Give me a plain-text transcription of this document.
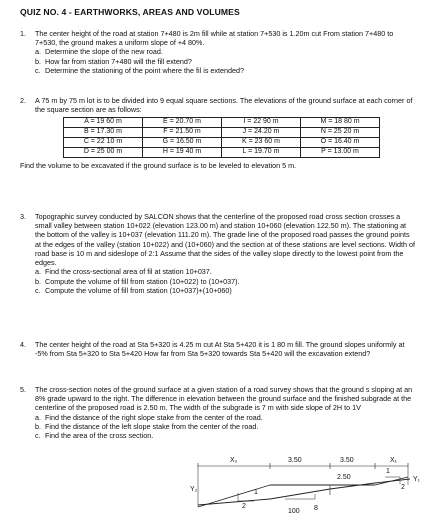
QUIZ NO. 4 - EARTHWORKS, AREAS AND VOLUMES
1.	The center height of the road at station 7+480 is 2m fill while at station 7+530 is 1.20m cut From station 7+480 to 7+530, the ground makes a uniform slope of +4 80%.
a. Determine the slope of the new road.
b. How far from station 7+480 will the fill extend?
c. Determine the stationing of the point where the fil is extended?
2.	A 75 m by 75 m lot is to be divided into 9 equal square sections. The elevations of the ground surface at each corner of the square section are as follows:
A = 19 60 m	E = 20.70 m	I = 22 90 m	M = 18 80 m
B = 17.30 m	F = 21.50 m	J = 24.20 m	N = 25 20 m
C = 22 10 m	G = 16.50 m	K = 23 60 m	O = 16.40 m
D = 25 00 m	H = 19 40 m	L = 19.70 m	P = 13.00 m
Find the volume to be excavated if the ground surface is to be leveled to elevation 5 m.
3.	Topographic survey conducted by SALCON shows that the centerline of the proposed road cross section crosses a small valley between station 10+022 (elevation 123.00 m) and station 10+060 (elevation 122.50 m). The stationing at the bottom of the valley is 10+037 (elevation 111.20 m). The grade line of the proposed road passes the ground points at the edges of the valley (station 10+022) and (10+060) and the section at of these stations are level sections. Width of road base is 10 m and sideslope of 2:1 Assume that the sides of the valley slope directly to the lowest point from the edges.
a. Find the cross-sectional area of fil at station 10+037.
b. Compute the volume of fill from station (10+022) to (10+037).
c. Compute the volume of fill from station (10+037)+(10+060)
4.	The center height of the road at Sta 5+320 is 4.25 m cut At Sta 5+420 it is 1 80 m fill. The ground slopes uniformly at -5% from Sta 5+320 to Sta 5+420 How far from Sta 5+320 towards Sta 5+420 will the excavation extend?
5.	The cross-section notes of the ground surface at a given station of a road survey shows that the ground s sloping at an 8% grade upward to the right. The difference in elevation between the ground surface and the finished subgrade at the centerline of the proposed road is 2.50 m. The width of the subgrade is 7 m with side slope of 2H to 1V
a. Find the distance of the right slope stake from the center of the road.
b. Find the distance of the left slope stake from the center of the road.
c. Find the area of the cross section.
X₂	3.50	3.50	X₁
2.50
Y₂
Y₁
1
2
1
2
100 8
